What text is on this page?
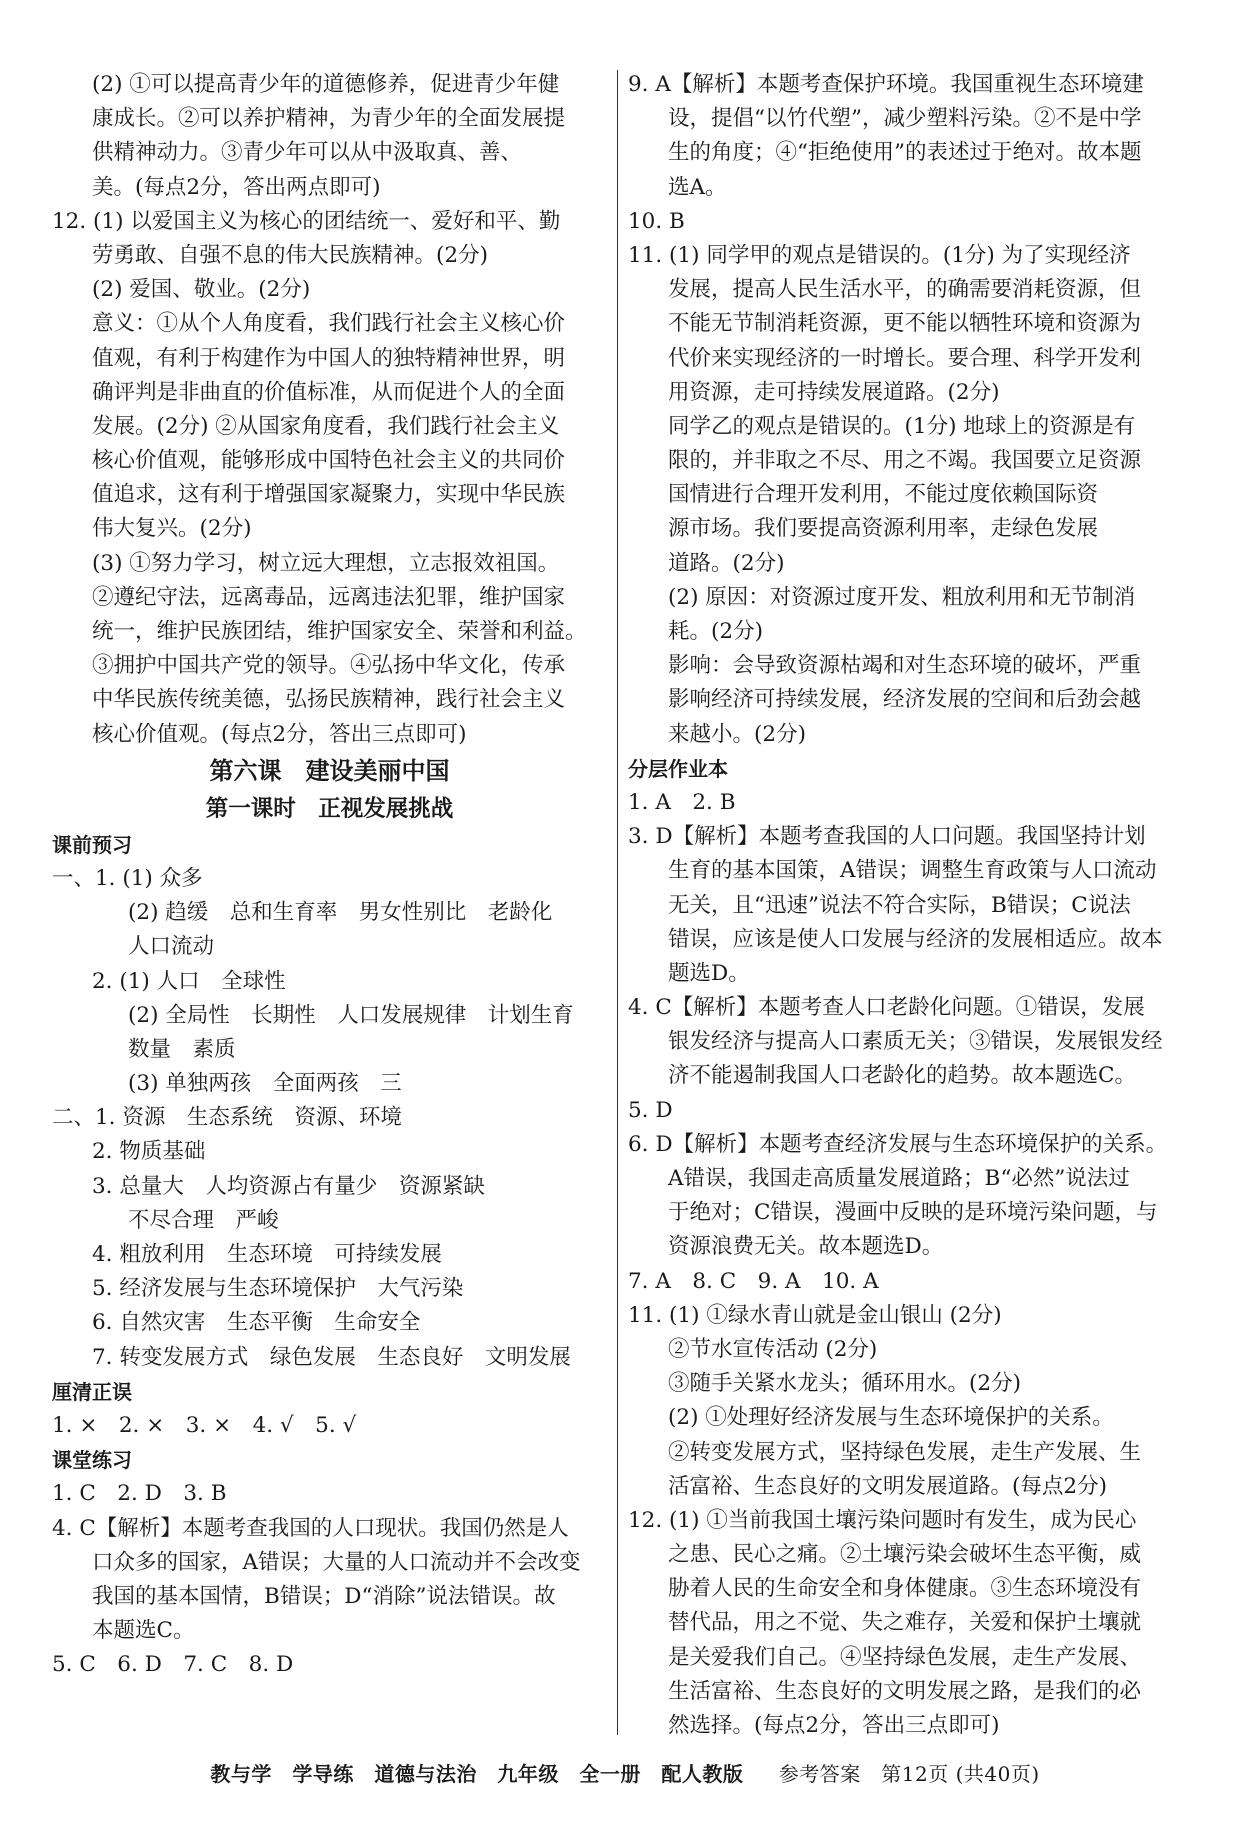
(2) ①可以提高青少年的道德修养，促进青少年健
康成长。②可以养护精神，为青少年的全面发展提
供精神动力。③青少年可以从中汲取真、善、
美。(每点2分，答出两点即可)
12. (1) 以爱国主义为核心的团结统一、爱好和平、勤
劳勇敢、自强不息的伟大民族精神。(2分)
(2) 爱国、敬业。(2分)
意义：①从个人角度看，我们践行社会主义核心价
值观，有利于构建作为中国人的独特精神世界，明
确评判是非曲直的价值标准，从而促进个人的全面
发展。(2分) ②从国家角度看，我们践行社会主义
核心价值观，能够形成中国特色社会主义的共同价
值追求，这有利于增强国家凝聚力，实现中华民族
伟大复兴。(2分)
(3) ①努力学习，树立远大理想，立志报效祖国。
②遵纪守法，远离毒品，远离违法犯罪，维护国家
统一，维护民族团结，维护国家安全、荣誉和利益。
③拥护中国共产党的领导。④弘扬中华文化，传承
中华民族传统美德，弘扬民族精神，践行社会主义
核心价值观。(每点2分，答出三点即可)
第六课　建设美丽中国
第一课时　正视发展挑战
课前预习
一、1. (1) 众多
(2) 趋缓　总和生育率　男女性别比　老龄化
人口流动
2. (1) 人口　全球性
(2) 全局性　长期性　人口发展规律　计划生育
数量　素质
(3) 单独两孩　全面两孩　三
二、1. 资源　生态系统　资源、环境
2. 物质基础
3. 总量大　人均资源占有量少　资源紧缺
不尽合理　严峻
4. 粗放利用　生态环境　可持续发展
5. 经济发展与生态环境保护　大气污染
6. 自然灾害　生态平衡　生命安全
7. 转变发展方式　绿色发展　生态良好　文明发展
厘清正误
1. ×　2. ×　3. ×　4. √　5. √
课堂练习
1. C　2. D　3. B
4. C【解析】本题考查我国的人口现状。我国仍然是人
口众多的国家，A错误；大量的人口流动并不会改变
我国的基本国情，B错误；D“消除”说法错误。故
本题选C。
5. C　6. D　7. C　8. D
9. A【解析】本题考查保护环境。我国重视生态环境建
设，提倡“以竹代塑”，减少塑料污染。②不是中学
生的角度；④“拒绝使用”的表述过于绝对。故本题
选A。
10. B
11. (1) 同学甲的观点是错误的。(1分) 为了实现经济
发展，提高人民生活水平，的确需要消耗资源，但
不能无节制消耗资源，更不能以牺牲环境和资源为
代价来实现经济的一时增长。要合理、科学开发利
用资源，走可持续发展道路。(2分)
同学乙的观点是错误的。(1分) 地球上的资源是有
限的，并非取之不尽、用之不竭。我国要立足资源
国情进行合理开发利用，不能过度依赖国际资
源市场。我们要提高资源利用率，走绿色发展
道路。(2分)
(2) 原因：对资源过度开发、粗放利用和无节制消
耗。(2分)
影响：会导致资源枯竭和对生态环境的破坏，严重
影响经济可持续发展，经济发展的空间和后劲会越
来越小。(2分)
分层作业本
1. A　2. B
3. D【解析】本题考查我国的人口问题。我国坚持计划
生育的基本国策，A错误；调整生育政策与人口流动
无关，且“迅速”说法不符合实际，B错误；C说法
错误，应该是使人口发展与经济的发展相适应。故本
题选D。
4. C【解析】本题考查人口老龄化问题。①错误，发展
银发经济与提高人口素质无关；③错误，发展银发经
济不能遏制我国人口老龄化的趋势。故本题选C。
5. D
6. D【解析】本题考查经济发展与生态环境保护的关系。
A错误，我国走高质量发展道路；B“必然”说法过
于绝对；C错误，漫画中反映的是环境污染问题，与
资源浪费无关。故本题选D。
7. A　8. C　9. A　10. A
11. (1) ①绿水青山就是金山银山 (2分)
②节水宣传活动 (2分)
③随手关紧水龙头；循环用水。(2分)
(2) ①处理好经济发展与生态环境保护的关系。
②转变发展方式，坚持绿色发展，走生产发展、生
活富裕、生态良好的文明发展道路。(每点2分)
12. (1) ①当前我国土壤污染问题时有发生，成为民心
之患、民心之痛。②土壤污染会破坏生态平衡，威
胁着人民的生命安全和身体健康。③生态环境没有
替代品，用之不觉、失之难存，关爱和保护土壤就
是关爱我们自己。④坚持绿色发展，走生产发展、
生活富裕、生态良好的文明发展之路，是我们的必
然选择。(每点2分，答出三点即可)
教与学　学导练　道德与法治　九年级　全一册　配人教版 　 参考答案　第12页 (共40页)
